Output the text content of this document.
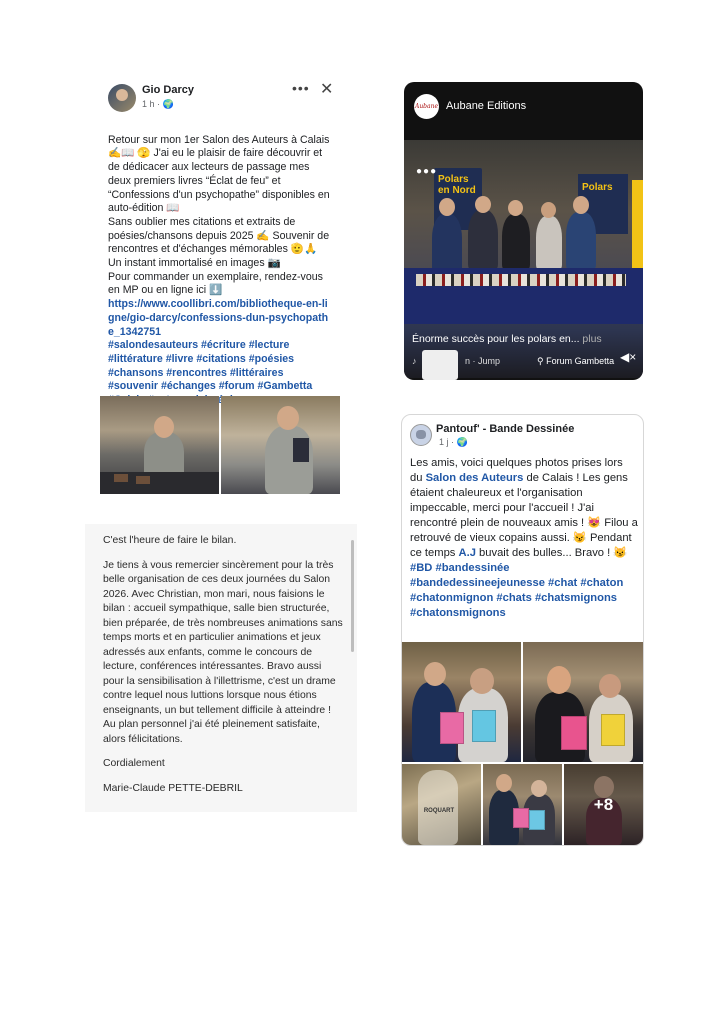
Gio Darcy
1 h · 🌍
••• ✕

Retour sur mon 1er Salon des Auteurs à Calais ✍️📖 🫣 J'ai eu le plaisir de faire découvrir et de dédicacer aux lecteurs de passage mes deux premiers livres “Éclat de feu” et “Confessions d'un psychopathe” disponibles en auto-édition 📖
Sans oublier mes citations et extraits de poésies/chansons depuis 2025 ✍️ Souvenir de rencontres et d'échanges mémorables 🫡🙏
Un instant immortalisé en images 📷
Pour commander un exemplaire, rendez-vous en MP ou en ligne ici ⬇️
https://www.coollibri.com/bibliotheque-en-ligne/gio-darcy/confessions-dun-psychopathe_1342751
#salondesauteurs #écriture #lecture #littérature #livre #citations #poésies #chansons #rencontres #littéraires #souvenir #échanges #forum #Gambetta

C'est l'heure de faire le bilan.

Je tiens à vous remercier sincèrement pour la très belle organisation de ces deux journées du Salon 2026. Avec Christian, mon mari, nous faisions le bilan : accueil sympathique, salle bien structurée, bien préparée, de très nombreuses animations sans temps morts et en particulier animations et jeux adressés aux enfants, comme le concours de lecture, conférences intéressantes. Bravo aussi pour la sensibilisation à l'illettrisme, c'est un drame contre lequel nous luttions lorsque nous étions enseignants, un but tellement difficile à atteindre ! Au plan personnel j'ai été pleinement satisfaite, alors félicitations.

Cordialement

Marie-Claude PETTE-DEBRIL

Aubane Aubane Editions
Polars en Nord	Polars
●●●
Énorme succès pour les polars en... plus
♪	n · Jump	⚲ Forum Gambetta ◀×
Pantouf' - Bande Dessinée
1 j · 🌍
Les amis, voici quelques photos prises lors du Salon des Auteurs de Calais ! Les gens étaient chaleureux et l'organisation impeccable, merci pour l'accueil ! J'ai rencontré plein de nouveaux amis ! 😻 Filou a retrouvé de vieux copains aussi. 😼 Pendant ce temps A.J buvait des bulles... Bravo ! 😼
#BD #bandessinée #bandedessineejeunesse #chat #chaton #chatonmignon #chats #chatsmignons #chatonsmignons
ROQUART	+8
